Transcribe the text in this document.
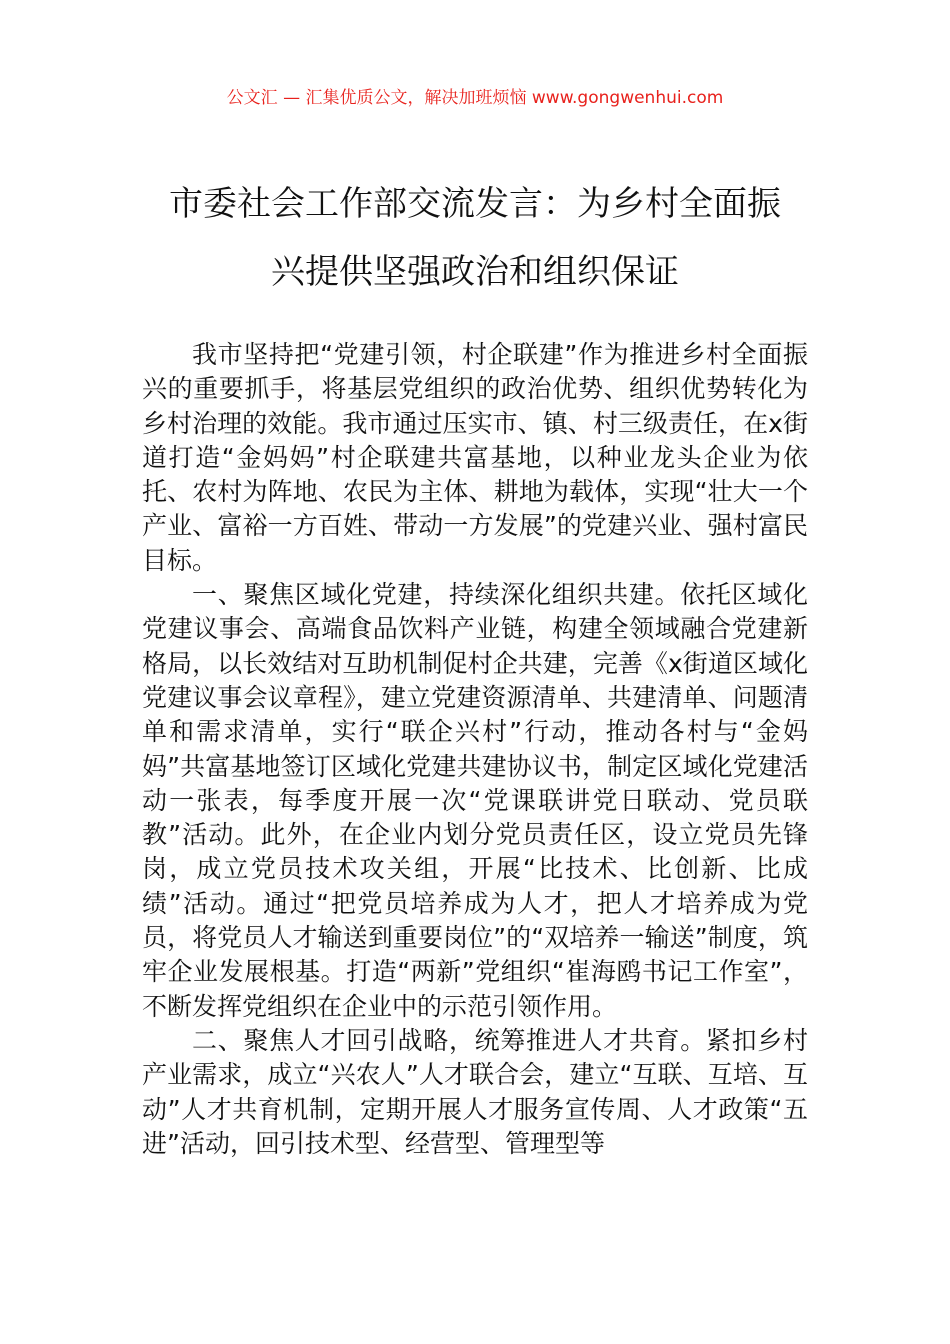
公文汇 — 汇集优质公文，解决加班烦恼 www.gongwenhui.com
市委社会工作部交流发言：为乡村全面振
兴提供坚强政治和组织保证

我市坚持把“党建引领，村企联建”作为推进乡村全面振兴的重要抓手，将基层党组织的政治优势、组织优势转化为乡村治理的效能。我市通过压实市、镇、村三级责任，在x街道打造“金妈妈”村企联建共富基地，以种业龙头企业为依托、农村为阵地、农民为主体、耕地为载体，实现“壮大一个产业、富裕一方百姓、带动一方发展”的党建兴业、强村富民目标。

一、聚焦区域化党建，持续深化组织共建。依托区域化党建议事会、高端食品饮料产业链，构建全领域融合党建新格局，以长效结对互助机制促村企共建，完善《x街道区域化党建议事会议章程》，建立党建资源清单、共建清单、问题清单和需求清单，实行“联企兴村”行动，推动各村与“金妈妈”共富基地签订区域化党建共建协议书，制定区域化党建活动一张表，每季度开展一次“党课联讲党日联动、党员联教”活动。此外，在企业内划分党员责任区，设立党员先锋岗，成立党员技术攻关组，开展“比技术、比创新、比成绩”活动。通过“把党员培养成为人才，把人才培养成为党员，将党员人才输送到重要岗位”的“双培养一输送”制度，筑牢企业发展根基。打造“两新”党组织“崔海鸥书记工作室”，不断发挥党组织在企业中的示范引领作用。

二、聚焦人才回引战略，统筹推进人才共育。紧扣乡村产业需求，成立“兴农人”人才联合会，建立“互联、互培、互动”人才共育机制，定期开展人才服务宣传周、人才政策“五进”活动，回引技术型、经营型、管理型等
